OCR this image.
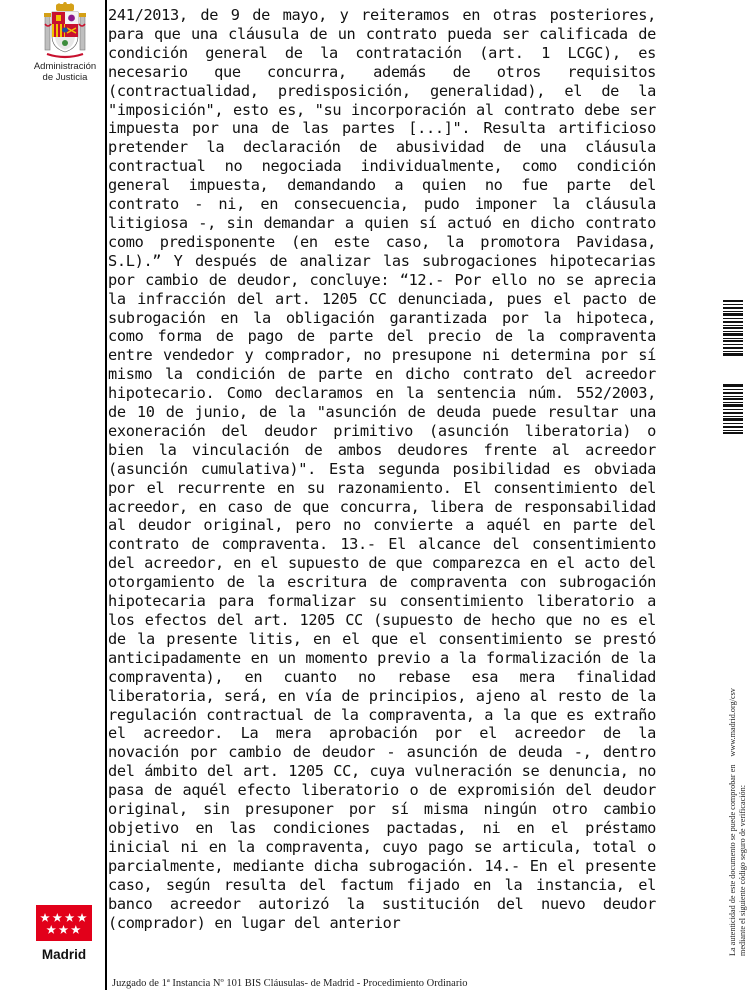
Administración
de Justicia
241/2013, de 9 de mayo, y reiteramos en otras posteriores, para que una cláusula de un contrato pueda ser calificada de condición general de la contratación (art. 1 LCGC), es necesario que concurra, además de otros requisitos (contractualidad, predisposición, generalidad), el de la "imposición", esto es, "su incorporación al contrato debe ser impuesta por una de las partes [...]". Resulta artificioso pretender la declaración de abusividad de una cláusula contractual no negociada individualmente, como condición general impuesta, demandando a quien no fue parte del contrato - ni, en consecuencia, pudo imponer la cláusula litigiosa -, sin demandar a quien sí actuó en dicho contrato como predisponente (en este caso, la promotora Pavidasa, S.L).” Y después de analizar las subrogaciones hipotecarias por cambio de deudor, concluye: “12.- Por ello no se aprecia la infracción del art. 1205 CC denunciada, pues el pacto de subrogación en la obligación garantizada por la hipoteca, como forma de pago de parte del precio de la compraventa entre vendedor y comprador, no presupone ni determina por sí mismo la condición de parte en dicho contrato del acreedor hipotecario. Como declaramos en la sentencia núm. 552/2003, de 10 de junio, de la "asunción de deuda puede resultar una exoneración del deudor primitivo (asunción liberatoria) o bien la vinculación de ambos deudores frente al acreedor (asunción cumulativa)". Esta segunda posibilidad es obviada por el recurrente en su razonamiento. El consentimiento del acreedor, en caso de que concurra, libera de responsabilidad al deudor original, pero no convierte a aquél en parte del contrato de compraventa. 13.- El alcance del consentimiento del acreedor, en el supuesto de que comparezca en el acto del otorgamiento de la escritura de compraventa con subrogación hipotecaria para formalizar su consentimiento liberatorio a los efectos del art. 1205 CC (supuesto de hecho que no es el de la presente litis, en el que el consentimiento se prestó anticipadamente en un momento previo a la formalización de la compraventa), en cuanto no rebase esa mera finalidad liberatoria, será, en vía de principios, ajeno al resto de la regulación contractual de la compraventa, a la que es extraño el acreedor. La mera aprobación por el acreedor de la novación por cambio de deudor - asunción de deuda -, dentro del ámbito del art. 1205 CC, cuya vulneración se denuncia, no pasa de aquél efecto liberatorio o de expromisión del deudor original, sin presuponer por sí misma ningún otro cambio objetivo en las condiciones pactadas, ni en el préstamo inicial ni en la compraventa, cuyo pago se articula, total o parcialmente, mediante dicha subrogación. 14.- En el presente caso, según resulta del factum fijado en la instancia, el banco acreedor autorizó la sustitución del nuevo deudor (comprador) en lugar del anterior	La autenticidad de este documento se puede comprobar enwww.madrid.org/csv
mediante el siguiente código seguro de verificación:
Madrid
Juzgado de 1ª Instancia Nº 101 BIS Cláusulas- de Madrid - Procedimiento Ordinario
